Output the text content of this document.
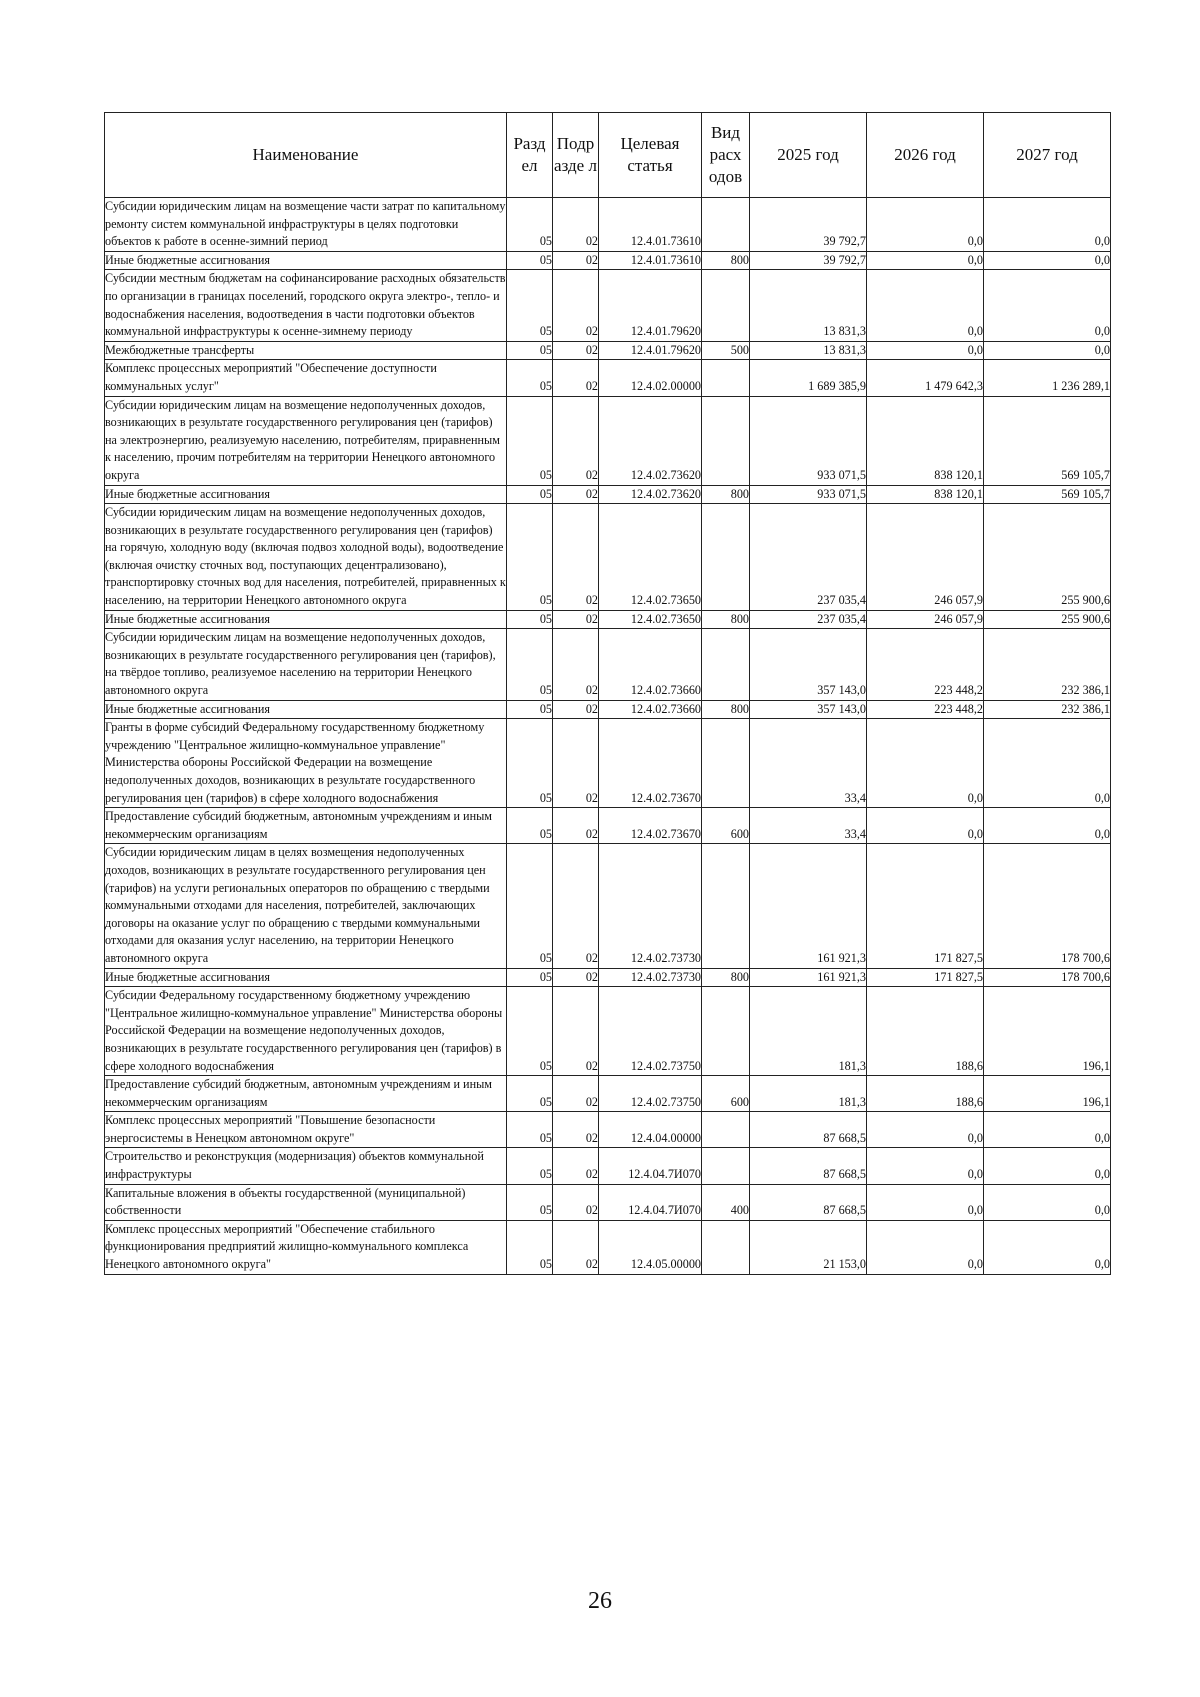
Наименование	Разд ел	Подр азде л	Целевая статья	Вид расх одов	2025 год	2026 год	2027 год
Субсидии юридическим лицам на возмещение части затрат по капитальному ремонту систем коммунальной инфраструктуры в целях подготовки объектов к работе в осенне-зимний период	05	02	12.4.01.73610		39 792,7	0,0	0,0
Иные бюджетные ассигнования	05	02	12.4.01.73610	800	39 792,7	0,0	0,0
Субсидии местным бюджетам на софинансирование расходных обязательств по организации в границах поселений, городского округа электро-, тепло- и водоснабжения населения, водоотведения в части подготовки объектов коммунальной инфраструктуры к осенне-зимнему периоду	05	02	12.4.01.79620		13 831,3	0,0	0,0
Межбюджетные трансферты	05	02	12.4.01.79620	500	13 831,3	0,0	0,0
Комплекс процессных мероприятий "Обеспечение доступности коммунальных услуг"	05	02	12.4.02.00000		1 689 385,9	1 479 642,3	1 236 289,1
Субсидии юридическим лицам на возмещение недополученных доходов, возникающих в результате государственного регулирования цен (тарифов) на электроэнергию, реализуемую населению, потребителям, приравненным к населению, прочим потребителям на территории Ненецкого автономного округа	05	02	12.4.02.73620		933 071,5	838 120,1	569 105,7
Иные бюджетные ассигнования	05	02	12.4.02.73620	800	933 071,5	838 120,1	569 105,7
Субсидии юридическим лицам на возмещение недополученных доходов, возникающих в результате государственного регулирования цен (тарифов) на горячую, холодную воду (включая подвоз холодной воды), водоотведение (включая очистку сточных вод, поступающих децентрализовано), транспортировку сточных вод для населения, потребителей, приравненных к населению, на территории Ненецкого автономного округа	05	02	12.4.02.73650		237 035,4	246 057,9	255 900,6
Иные бюджетные ассигнования	05	02	12.4.02.73650	800	237 035,4	246 057,9	255 900,6
Субсидии юридическим лицам на возмещение недополученных доходов, возникающих в результате государственного регулирования цен (тарифов), на твёрдое топливо, реализуемое населению на территории Ненецкого автономного округа	05	02	12.4.02.73660		357 143,0	223 448,2	232 386,1
Иные бюджетные ассигнования	05	02	12.4.02.73660	800	357 143,0	223 448,2	232 386,1
Гранты в форме субсидий Федеральному государственному бюджетному учреждению "Центральное жилищно-коммунальное управление" Министерства обороны Российской Федерации на возмещение недополученных доходов, возникающих в результате государственного регулирования цен (тарифов) в сфере холодного водоснабжения	05	02	12.4.02.73670		33,4	0,0	0,0
Предоставление субсидий бюджетным, автономным учреждениям и иным некоммерческим организациям	05	02	12.4.02.73670	600	33,4	0,0	0,0
Субсидии юридическим лицам в целях возмещения недополученных доходов, возникающих в результате государственного регулирования цен (тарифов) на услуги региональных операторов по обращению с твердыми коммунальными отходами для населения, потребителей, заключающих договоры на оказание услуг по обращению с твердыми коммунальными отходами для оказания услуг населению, на территории Ненецкого автономного округа	05	02	12.4.02.73730		161 921,3	171 827,5	178 700,6
Иные бюджетные ассигнования	05	02	12.4.02.73730	800	161 921,3	171 827,5	178 700,6
Субсидии Федеральному государственному бюджетному учреждению "Центральное жилищно-коммунальное управление" Министерства обороны Российской Федерации на возмещение недополученных доходов, возникающих в результате государственного регулирования цен (тарифов) в сфере холодного водоснабжения	05	02	12.4.02.73750		181,3	188,6	196,1
Предоставление субсидий бюджетным, автономным учреждениям и иным некоммерческим организациям	05	02	12.4.02.73750	600	181,3	188,6	196,1
Комплекс процессных мероприятий "Повышение безопасности энергосистемы в Ненецком автономном округе"	05	02	12.4.04.00000		87 668,5	0,0	0,0
Строительство и реконструкция (модернизация) объектов коммунальной инфраструктуры	05	02	12.4.04.7И070		87 668,5	0,0	0,0
Капитальные вложения в объекты государственной (муниципальной) собственности	05	02	12.4.04.7И070	400	87 668,5	0,0	0,0
Комплекс процессных мероприятий "Обеспечение стабильного функционирования предприятий жилищно-коммунального комплекса Ненецкого автономного округа"	05	02	12.4.05.00000		21 153,0	0,0	0,0
26
